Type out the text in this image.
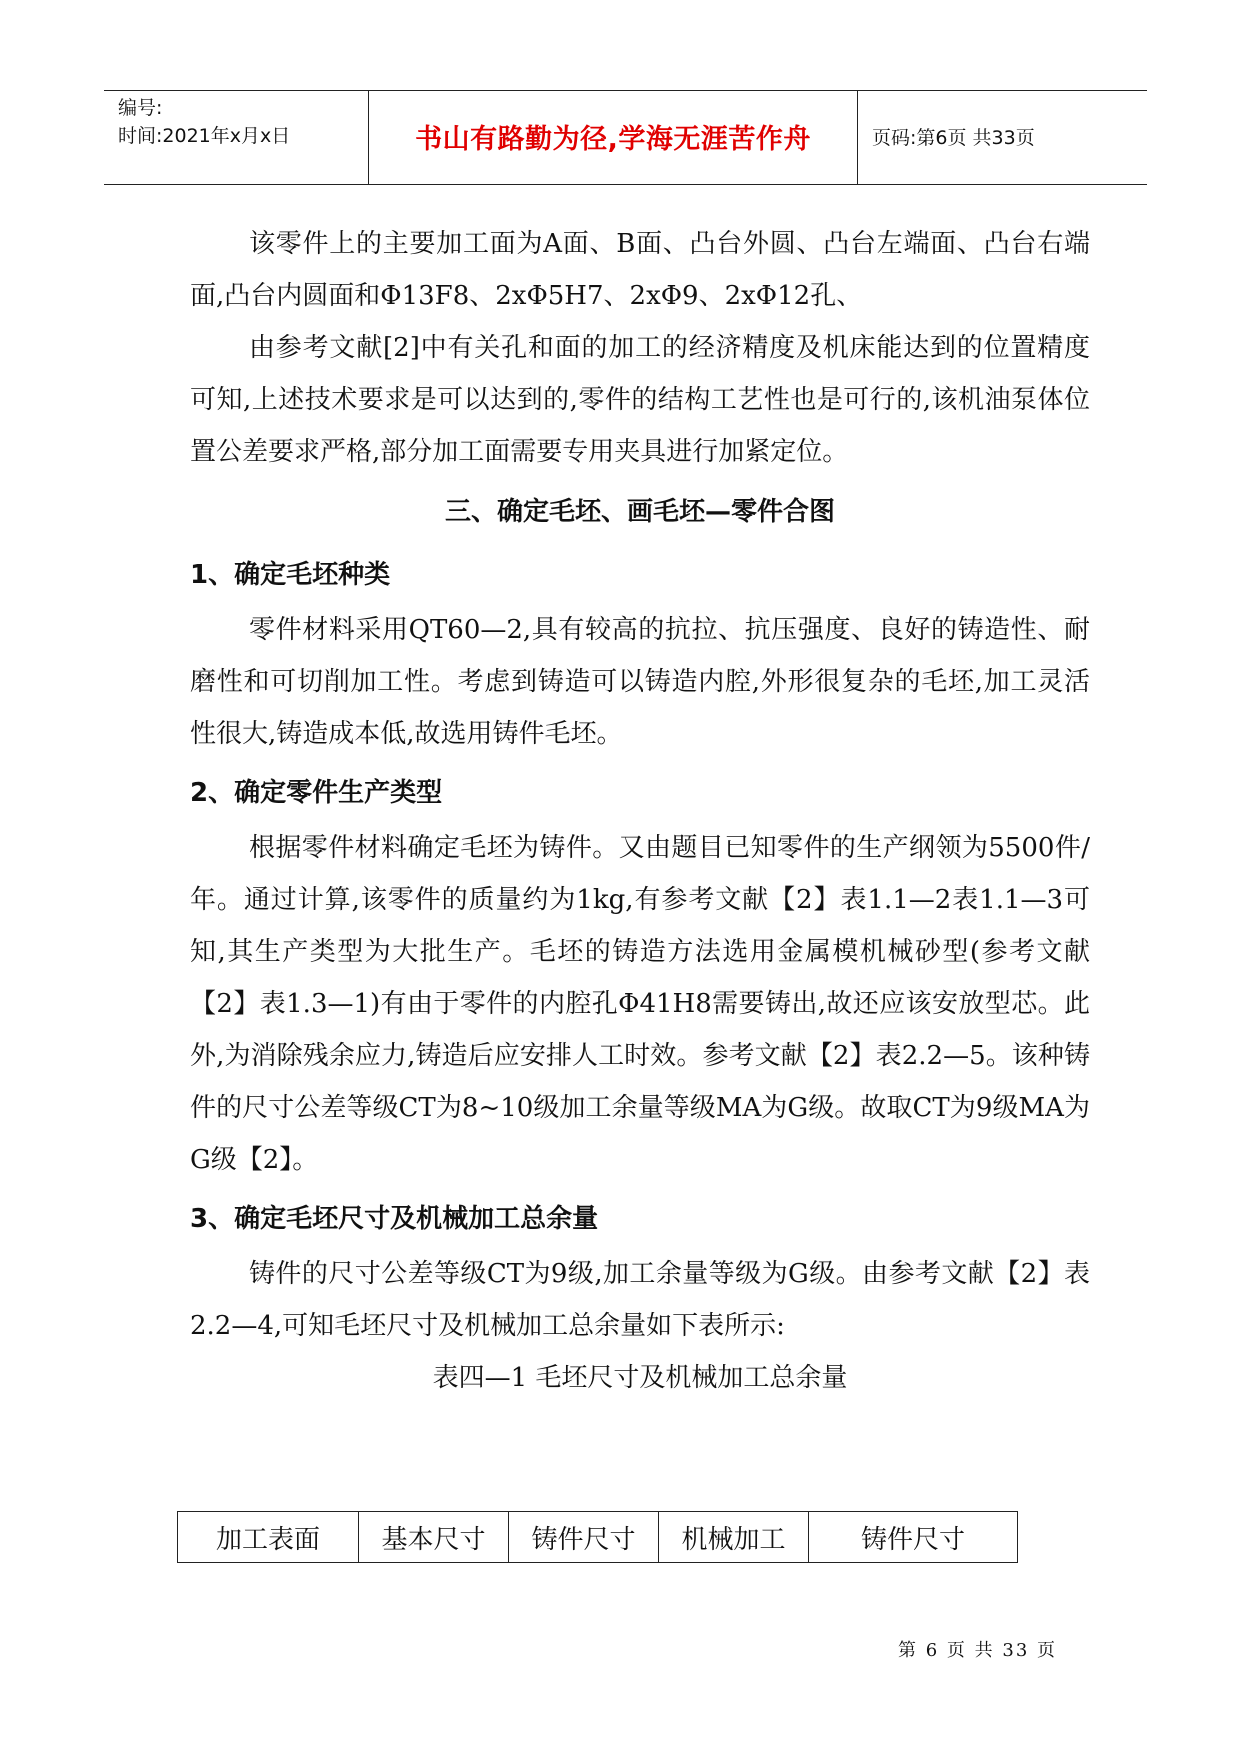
编号:
时间:2021年x月x日	书山有路勤为径,学海无涯苦作舟	页码:第6页 共33页

该零件上的主要加工面为A面、B面、凸台外圆、凸台左端面、凸台右端面,凸台内圆面和Φ13F8、2xΦ5H7、2xΦ9、2xΦ12孔、

由参考文献[2]中有关孔和面的加工的经济精度及机床能达到的位置精度可知,上述技术要求是可以达到的,零件的结构工艺性也是可行的,该机油泵体位置公差要求严格,部分加工面需要专用夹具进行加紧定位。

三、确定毛坯、画毛坯—零件合图
1、确定毛坯种类

零件材料采用QT60—2,具有较高的抗拉、抗压强度、良好的铸造性、耐磨性和可切削加工性。考虑到铸造可以铸造内腔,外形很复杂的毛坯,加工灵活性很大,铸造成本低,故选用铸件毛坯。

2、确定零件生产类型

根据零件材料确定毛坯为铸件。又由题目已知零件的生产纲领为5500件/年。通过计算,该零件的质量约为1kg,有参考文献【2】表1.1—2表1.1—3可知,其生产类型为大批生产。毛坯的铸造方法选用金属模机械砂型(参考文献【2】表1.3—1)有由于零件的内腔孔Φ41H8需要铸出,故还应该安放型芯。此外,为消除残余应力,铸造后应安排人工时效。参考文献【2】表2.2—5。该种铸件的尺寸公差等级CT为8~10级加工余量等级MA为G级。故取CT为9级MA为G级【2】。

3、确定毛坯尺寸及机械加工总余量

铸件的尺寸公差等级CT为9级,加工余量等级为G级。由参考文献【2】表2.2—4,可知毛坯尺寸及机械加工总余量如下表所示:

表四—1 毛坯尺寸及机械加工总余量

加工表面	基本尺寸	铸件尺寸	机械加工	铸件尺寸
第 6 页 共 33 页
